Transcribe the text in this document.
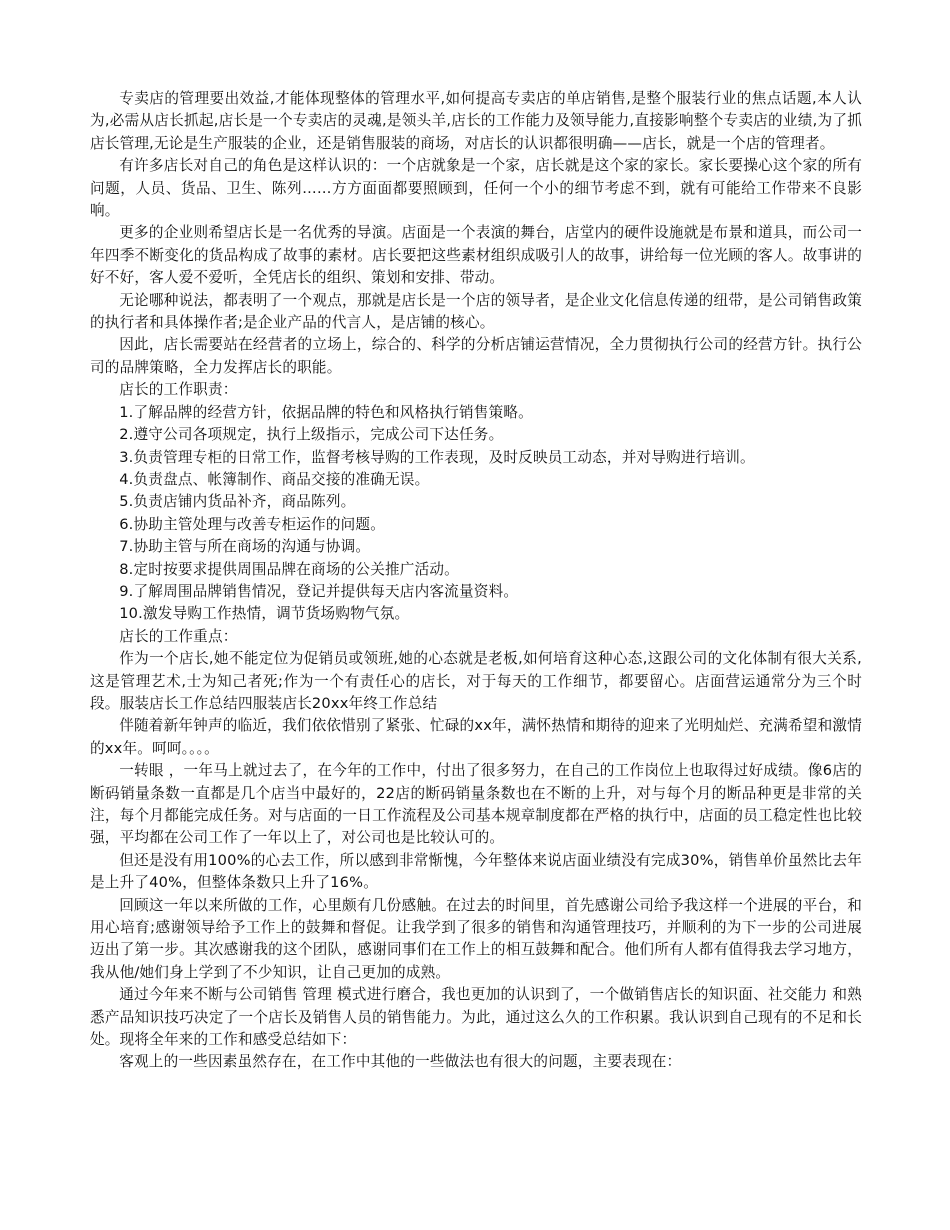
专卖店的管理要出效益,才能体现整体的管理水平,如何提高专卖店的单店销售,是整个服装行业的焦点话题,本人认为,必需从店长抓起,店长是一个专卖店的灵魂,是领头羊,店长的工作能力及领导能力,直接影响整个专卖店的业绩,为了抓店长管理,无论是生产服装的企业，还是销售服装的商场，对店长的认识都很明确——店长，就是一个店的管理者。

有许多店长对自己的角色是这样认识的：一个店就象是一个家，店长就是这个家的家长。家长要操心这个家的所有问题，人员、货品、卫生、陈列……方方面面都要照顾到，任何一个小的细节考虑不到，就有可能给工作带来不良影响。

更多的企业则希望店长是一名优秀的导演。店面是一个表演的舞台，店堂内的硬件设施就是布景和道具，而公司一年四季不断变化的货品构成了故事的素材。店长要把这些素材组织成吸引人的故事，讲给每一位光顾的客人。故事讲的好不好，客人爱不爱听，全凭店长的组织、策划和安排、带动。

无论哪种说法，都表明了一个观点，那就是店长是一个店的领导者，是企业文化信息传递的纽带，是公司销售政策的执行者和具体操作者;是企业产品的代言人，是店铺的核心。

因此，店长需要站在经营者的立场上，综合的、科学的分析店铺运营情况，全力贯彻执行公司的经营方针。执行公司的品牌策略，全力发挥店长的职能。

店长的工作职责：

1.了解品牌的经营方针，依据品牌的特色和风格执行销售策略。

2.遵守公司各项规定，执行上级指示，完成公司下达任务。

3.负责管理专柜的日常工作，监督考核导购的工作表现，及时反映员工动态，并对导购进行培训。

4.负责盘点、帐簿制作、商品交接的准确无误。

5.负责店铺内货品补齐，商品陈列。

6.协助主管处理与改善专柜运作的问题。

7.协助主管与所在商场的沟通与协调。

8.定时按要求提供周围品牌在商场的公关推广活动。

9.了解周围品牌销售情况，登记并提供每天店内客流量资料。

10.激发导购工作热情，调节货场购物气氛。

店长的工作重点：

作为一个店长,她不能定位为促销员或领班,她的心态就是老板,如何培育这种心态,这跟公司的文化体制有很大关系,这是管理艺术,士为知己者死;作为一个有责任心的店长，对于每天的工作细节，都要留心。店面营运通常分为三个时段。服装店长工作总结四服装店长20xx年终工作总结

伴随着新年钟声的临近，我们依依惜别了紧张、忙碌的xx年，满怀热情和期待的迎来了光明灿烂、充满希望和激情的xx年。呵呵。。。。

一转眼 ，一年马上就过去了，在今年的工作中，付出了很多努力，在自己的工作岗位上也取得过好成绩。像6店的断码销量条数一直都是几个店当中最好的，22店的断码销量条数也在不断的上升，对与每个月的断品种更是非常的关注，每个月都能完成任务。对与店面的一日工作流程及公司基本规章制度都在严格的执行中，店面的员工稳定性也比较强，平均都在公司工作了一年以上了，对公司也是比较认可的。

但还是没有用100%的心去工作，所以感到非常惭愧，今年整体来说店面业绩没有完成30%，销售单价虽然比去年是上升了40%，但整体条数只上升了16%。

回顾这一年以来所做的工作，心里颇有几份感触。在过去的时间里，首先感谢公司给予我这样一个进展的平台，和用心培育;感谢领导给予工作上的鼓舞和督促。让我学到了很多的销售和沟通管理技巧，并顺利的为下一步的公司进展迈出了第一步。其次感谢我的这个团队，感谢同事们在工作上的相互鼓舞和配合。他们所有人都有值得我去学习地方，我从他/她们身上学到了不少知识，让自己更加的成熟。

通过今年来不断与公司销售 管理 模式进行磨合，我也更加的认识到了，一个做销售店长的知识面、社交能力 和熟悉产品知识技巧决定了一个店长及销售人员的销售能力。为此，通过这么久的工作积累。我认识到自己现有的不足和长处。现将全年来的工作和感受总结如下：

客观上的一些因素虽然存在，在工作中其他的一些做法也有很大的问题，主要表现在：
